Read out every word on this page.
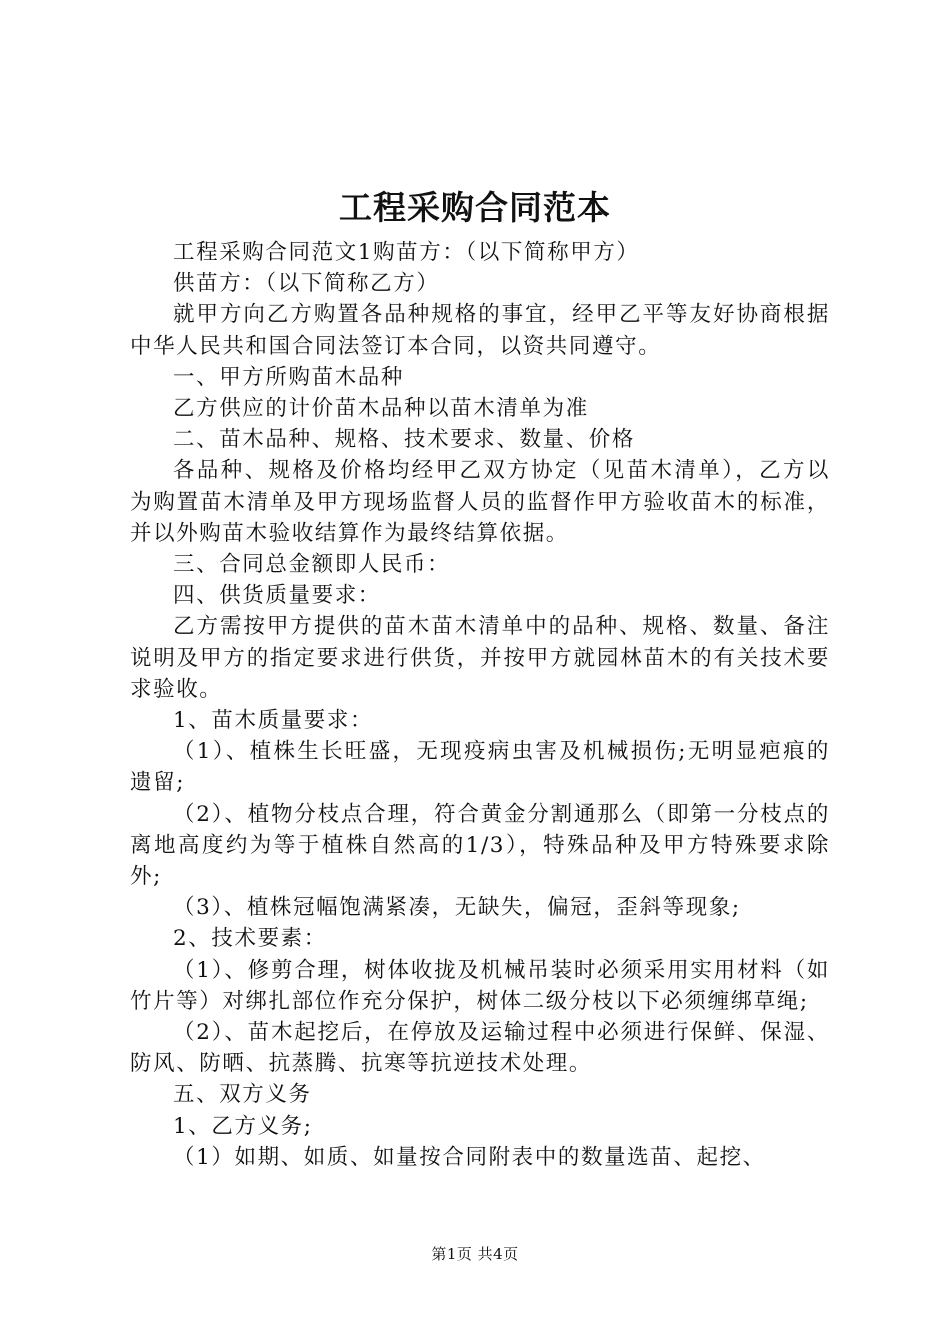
工程采购合同范本

工程采购合同范文1购苗方：（以下简称甲方）

供苗方：（以下简称乙方）

就甲方向乙方购置各品种规格的事宜，经甲乙平等友好协商根据中华人民共和国合同法签订本合同，以资共同遵守。

一、甲方所购苗木品种

乙方供应的计价苗木品种以苗木清单为准

二、苗木品种、规格、技术要求、数量、价格

各品种、规格及价格均经甲乙双方协定（见苗木清单），乙方以为购置苗木清单及甲方现场监督人员的监督作甲方验收苗木的标准，并以外购苗木验收结算作为最终结算依据。

三、合同总金额即人民币：

四、供货质量要求：

乙方需按甲方提供的苗木苗木清单中的品种、规格、数量、备注说明及甲方的指定要求进行供货，并按甲方就园林苗木的有关技术要求验收。

1、苗木质量要求：

（1）、植株生长旺盛，无现疫病虫害及机械损伤;无明显疤痕的遗留;

（2）、植物分枝点合理，符合黄金分割通那么（即第一分枝点的离地高度约为等于植株自然高的1/3），特殊品种及甲方特殊要求除外;

（3）、植株冠幅饱满紧凑，无缺失，偏冠，歪斜等现象;

2、技术要素：

（1）、修剪合理，树体收拢及机械吊装时必须采用实用材料（如竹片等）对绑扎部位作充分保护，树体二级分枝以下必须缠绑草绳;

（2）、苗木起挖后，在停放及运输过程中必须进行保鲜、保湿、防风、防晒、抗蒸腾、抗寒等抗逆技术处理。

五、双方义务

1、乙方义务;

（1）如期、如质、如量按合同附表中的数量选苗、起挖、

第1页 共4页
